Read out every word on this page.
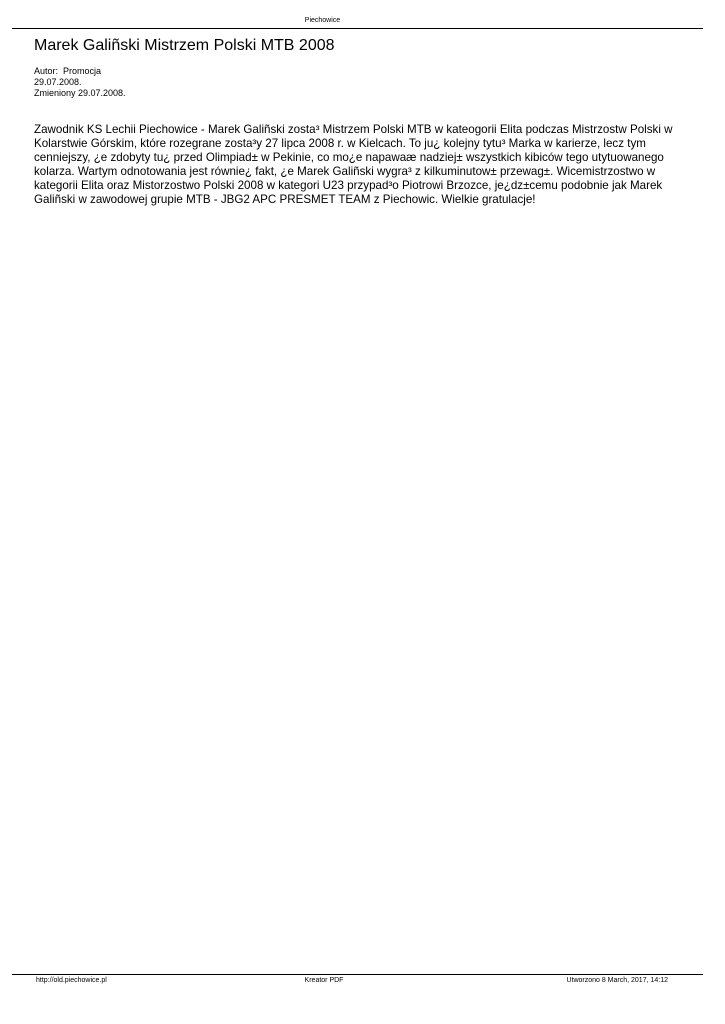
Piechowice
Marek Galiñski Mistrzem Polski MTB 2008
Autor:  Promocja
29.07.2008.
Zmieniony 29.07.2008.

Zawodnik KS Lechii Piechowice - Marek Galiñski zosta³ Mistrzem Polski MTB w kateogorii Elita podczas Mistrzostw Polski w Kolarstwie Górskim, które rozegrane zosta³y 27 lipca 2008 r. w Kielcach. To ju¿ kolejny tytu³ Marka w karierze, lecz tym cenniejszy, ¿e zdobyty tu¿ przed Olimpiad± w Pekinie, co mo¿e napawaæ nadziej± wszystkich kibiców tego utytuowanego kolarza. Wartym odnotowania jest równie¿ fakt, ¿e Marek Galiñski wygra³ z kilkuminutow± przewag±. Wicemistrzostwo w kategorii Elita oraz Mistorzostwo Polski 2008 w kategori U23 przypad³o Piotrowi Brzozce, je¿dz±cemu podobnie jak Marek Galiñski w zawodowej grupie MTB - JBG2 APC PRESMET TEAM z Piechowic. Wielkie gratulacje!

http://old.piechowice.pl	Kreator PDF	Utworzono 8 March, 2017, 14:12
